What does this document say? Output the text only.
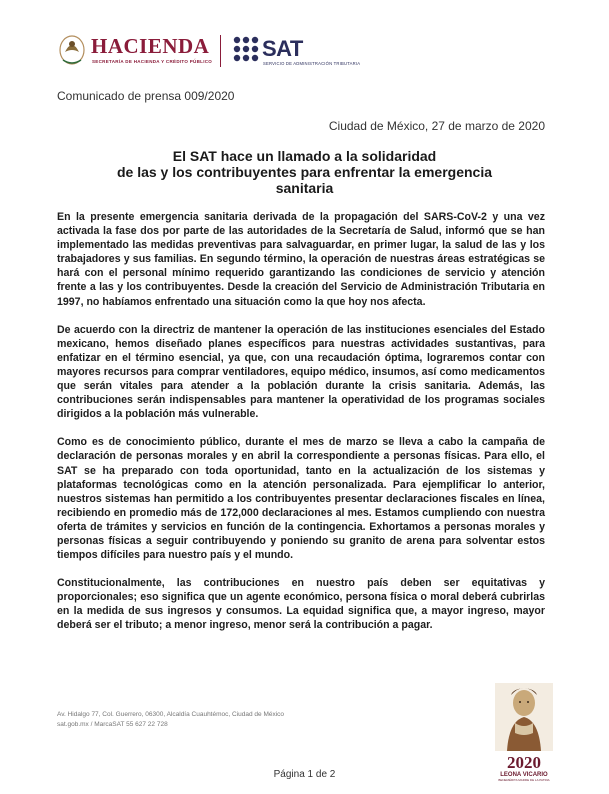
HACIENDA
SECRETARÍA DE HACIENDA Y CRÉDITO PÚBLICO
SAT
SERVICIO DE ADMINISTRACIÓN TRIBUTARIA
Comunicado de prensa 009/2020
Ciudad de México, 27 de marzo de 2020
El SAT hace un llamado a la solidaridad
de las y los contribuyentes para enfrentar la emergencia
sanitaria

En la presente emergencia sanitaria derivada de la propagación del SARS-CoV-2 y una vez activada la fase dos por parte de las autoridades de la Secretaría de Salud, informó que se han implementado las medidas preventivas para salvaguardar, en primer lugar, la salud de las y los trabajadores y sus familias. En segundo término, la operación de nuestras áreas estratégicas se hará con el personal mínimo requerido garantizando las condiciones de servicio y atención frente a las y los contribuyentes. Desde la creación del Servicio de Administración Tributaria en 1997, no habíamos enfrentado una situación como la que hoy nos afecta.

De acuerdo con la directriz de mantener la operación de las instituciones esenciales del Estado mexicano, hemos diseñado planes específicos para nuestras actividades sustantivas, para enfatizar en el término esencial, ya que, con una recaudación óptima, lograremos contar con mayores recursos para comprar ventiladores, equipo médico, insumos, así como medicamentos que serán vitales para atender a la población durante la crisis sanitaria. Además, las contribuciones serán indispensables para mantener la operatividad de los programas sociales dirigidos a la población más vulnerable.

Como es de conocimiento público, durante el mes de marzo se lleva a cabo la campaña de declaración de personas morales y en abril la correspondiente a personas físicas. Para ello, el SAT se ha preparado con toda oportunidad, tanto en la actualización de los sistemas y plataformas tecnológicas como en la atención personalizada. Para ejemplificar lo anterior, nuestros sistemas han permitido a los contribuyentes presentar declaraciones fiscales en línea, recibiendo en promedio más de 172,000 declaraciones al mes. Estamos cumpliendo con nuestra oferta de trámites y servicios en función de la contingencia. Exhortamos a personas morales y personas físicas a seguir contribuyendo y poniendo su granito de arena para solventar estos tiempos difíciles para nuestro país y el mundo.

Constitucionalmente, las contribuciones en nuestro país deben ser equitativas y proporcionales; eso significa que un agente económico, persona física o moral deberá cubrirlas en la medida de sus ingresos y consumos. La equidad significa que, a mayor ingreso, mayor deberá ser el tributo; a menor ingreso, menor será la contribución a pagar.

Av. Hidalgo 77, Col. Guerrero, 06300, Alcaldía Cuauhtémoc, Ciudad de México
sat.gob.mx / MarcaSAT 55 627 22 728
2020
LEONA VICARIO
BENEMÉRITA MADRE DE LA PATRIA
Página 1 de 2
